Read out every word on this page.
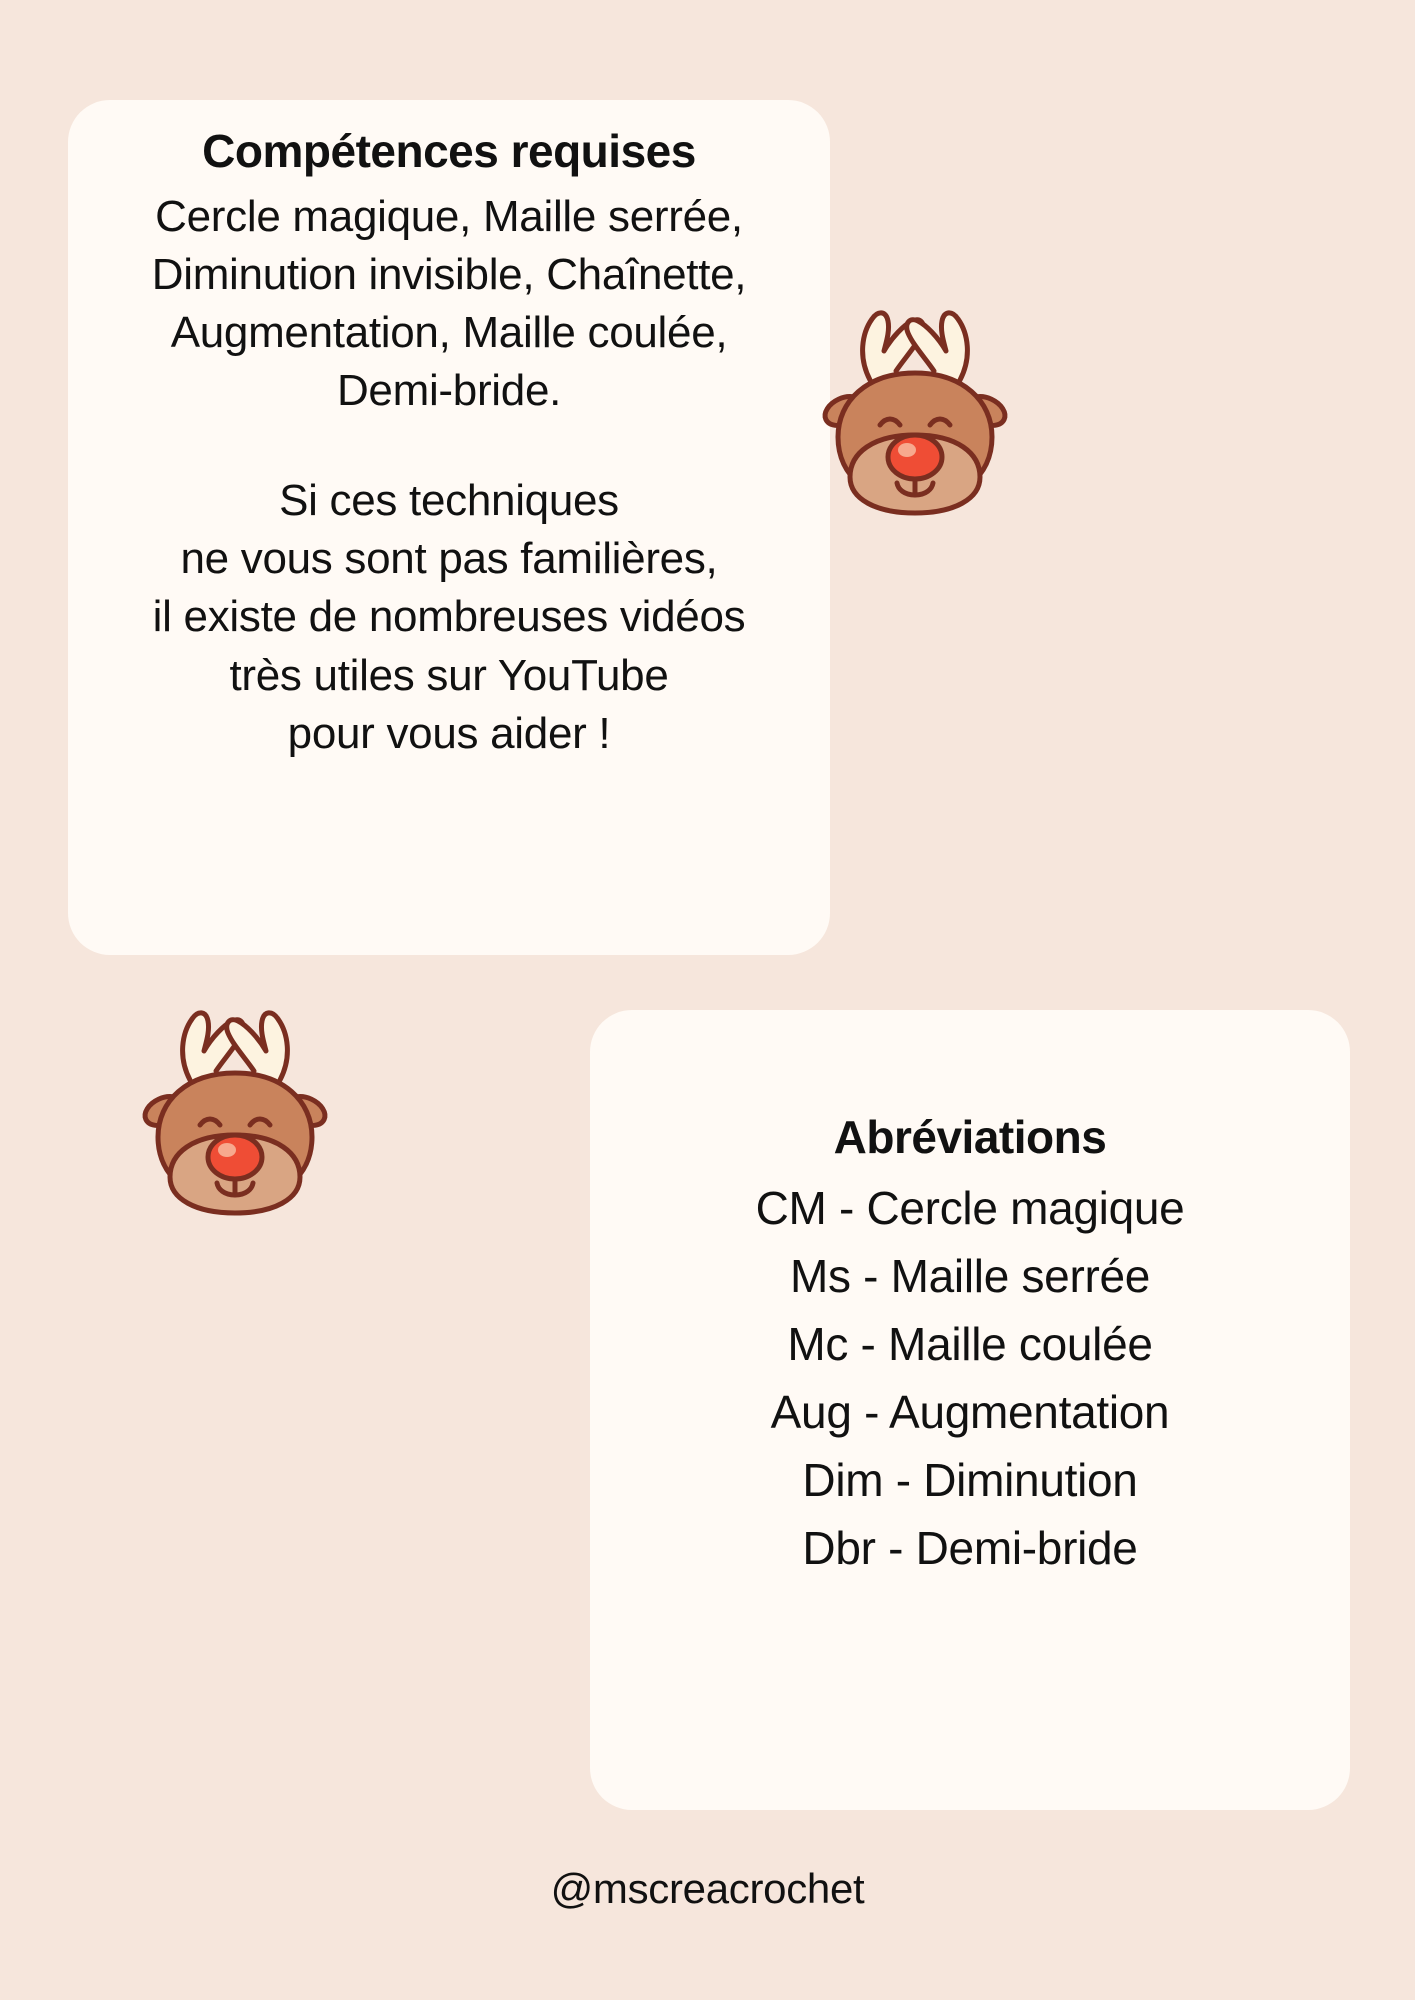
Compétences requises
Cercle magique, Maille serrée,
Diminution invisible, Chaînette,
Augmentation, Maille coulée,
Demi-bride.
Si ces techniques
ne vous sont pas familières,
il existe de nombreuses vidéos
très utiles sur YouTube
pour vous aider !
Abréviations
CM - Cercle magique
Ms - Maille serrée
Mc - Maille coulée
Aug - Augmentation
Dim - Diminution
Dbr - Demi-bride
@mscreacrochet
